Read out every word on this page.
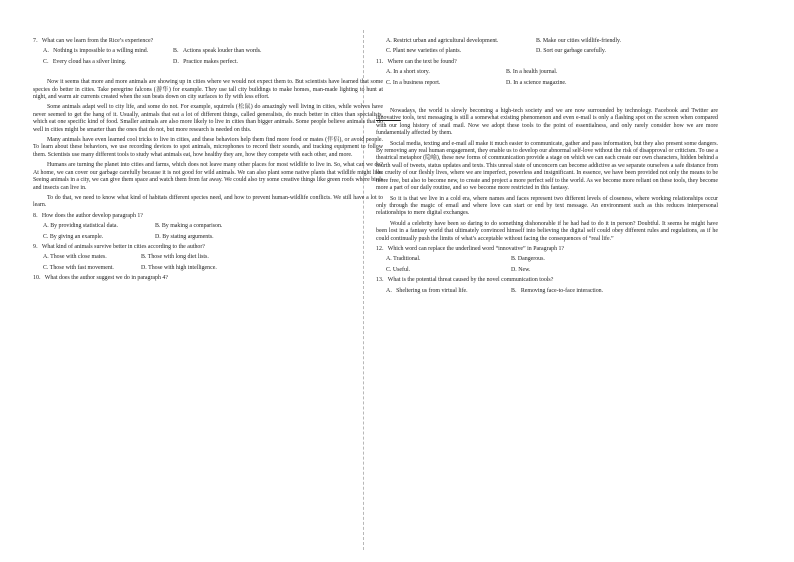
7．What can we learn from the Rice’s experience?
A．Nothing is impossible to a willing mind.	B．Actions speak louder than words.
C．Every cloud has a silver lining.	D．Practice makes perfect.

Now it seems that more and more animals are showing up in cities where we would not expect them to. But scientists have learned that some species do better in cities. Take peregrine falcons (游隼) for example. They use tall city buildings to make homes, man-made lighting to hunt at night, and warm air currents created when the sun beats down on city surfaces to fly with less effort.

Some animals adapt well to city life, and some do not. For example, squirrels (松鼠) do amazingly well living in cities, while wolves have never seemed to get the hang of it. Usually, animals that eat a lot of different things, called generalists, do much better in cities than specialists, which eat one specific kind of food. Smaller animals are also more likely to live in cities than bigger animals. Some people believe animals that do well in cities might be smarter than the ones that do not, but more research is needed on this.

Many animals have even learned cool tricks to live in cities, and these behaviors help them find more food or mates (伴侣), or avoid people. To learn about these behaviors, we use recording devices to spot animals, microphones to record their sounds, and tracking equipment to follow them. Scientists use many different tools to study what animals eat, how healthy they are, how they compete with each other, and more.

Humans are turning the planet into cities and farms, which does not leave many other places for most wildlife to live in. So, what can we do? At home, we can cover our garbage carefully because it is not good for wild animals. We can also plant some native plants that wildlife might like. Seeing animals in a city, we can give them space and watch them from far away. We could also try some creative things like green roofs where birds and insects can live in.

To do that, we need to know what kind of habitats different species need, and how to prevent human-wildlife conflicts. We still have a lot to learn.

8．How does the author develop paragraph 1?
A. By providing statistical data.	B. By making a comparison.
C. By giving an example.	D. By stating arguments.
9．What kind of animals survive better in cities according to the author?
A. Those with close mates.	B. Those with long diet lists.
C. Those with fast movement.	D. Those with high intelligence.
10．What does the author suggest we do in paragraph 4?
A. Restrict urban and agricultural development.	B. Make our cities wildlife-friendly.
C. Plant new varieties of plants.	D. Sort our garbage carefully.
11．Where can the text be found?
A. In a short story.	B. In a health journal.
C. In a business report.	D. In a science magazine.

Nowadays, the world is slowly becoming a high-tech society and we are now surrounded by technology. Facebook and Twitter are innovative tools, text messaging is still a somewhat existing phenomenon and even e-mail is only a flashing spot on the screen when compared with our long history of snail mail. Now we adopt these tools to the point of essentialness, and only rarely consider how we are more fundamentally affected by them.

Social media, texting and e-mail all make it much easier to communicate, gather and pass information, but they also present some dangers. By removing any real human engagement, they enable us to develop our abnormal self-love without the risk of disapproval or criticism. To use a theatrical metaphor (隐喻), these new forms of communication provide a stage on which we can each create our own characters, hidden behind a fourth wall of tweets, status updates and texts. This unreal state of unconcern can become addictive as we separate ourselves a safe distance from the cruelty of our fleshly lives, where we are imperfect, powerless and insignificant. In essence, we have been provided not only the means to be more free, but also to become new, to create and project a more perfect self to the world. As we become more reliant on these tools, they become more a part of our daily routine, and so we become more restricted in this fantasy.

So it is that we live in a cold era, where names and faces represent two different levels of closeness, where working relationships occur only through the magic of email and where love can start or end by text message. An environment such as this reduces interpersonal relationships to mere digital exchanges.

Would a celebrity have been so daring to do something dishonorable if he had had to do it in person? Doubtful. It seems he might have been lost in a fantasy world that ultimately convinced himself into believing the digital self could obey different rules and regulations, as if he could continually push the limits of what’s acceptable without facing the consequences of “real life.”

12．Which word can replace the underlined word “innovative” in Paragraph 1?
A. Traditional.	B. Dangerous.
C. Useful.	D. New.
13．What is the potential threat caused by the novel communication tools?
A．Sheltering us from virtual life.	B．Removing face-to-face interaction.
